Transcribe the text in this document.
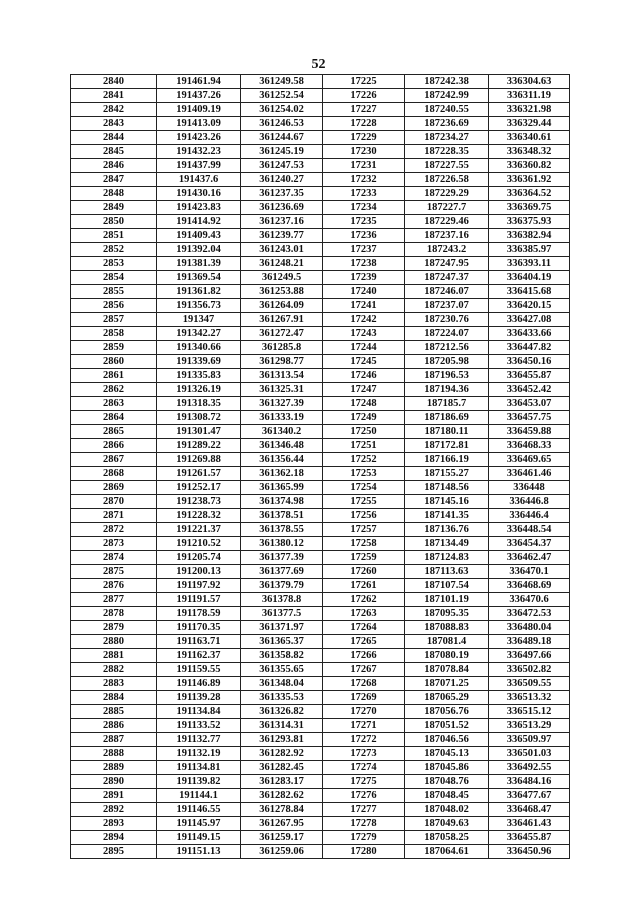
52
2840	191461.94	361249.58	17225	187242.38	336304.63
2841	191437.26	361252.54	17226	187242.99	336311.19
2842	191409.19	361254.02	17227	187240.55	336321.98
2843	191413.09	361246.53	17228	187236.69	336329.44
2844	191423.26	361244.67	17229	187234.27	336340.61
2845	191432.23	361245.19	17230	187228.35	336348.32
2846	191437.99	361247.53	17231	187227.55	336360.82
2847	191437.6	361240.27	17232	187226.58	336361.92
2848	191430.16	361237.35	17233	187229.29	336364.52
2849	191423.83	361236.69	17234	187227.7	336369.75
2850	191414.92	361237.16	17235	187229.46	336375.93
2851	191409.43	361239.77	17236	187237.16	336382.94
2852	191392.04	361243.01	17237	187243.2	336385.97
2853	191381.39	361248.21	17238	187247.95	336393.11
2854	191369.54	361249.5	17239	187247.37	336404.19
2855	191361.82	361253.88	17240	187246.07	336415.68
2856	191356.73	361264.09	17241	187237.07	336420.15
2857	191347	361267.91	17242	187230.76	336427.08
2858	191342.27	361272.47	17243	187224.07	336433.66
2859	191340.66	361285.8	17244	187212.56	336447.82
2860	191339.69	361298.77	17245	187205.98	336450.16
2861	191335.83	361313.54	17246	187196.53	336455.87
2862	191326.19	361325.31	17247	187194.36	336452.42
2863	191318.35	361327.39	17248	187185.7	336453.07
2864	191308.72	361333.19	17249	187186.69	336457.75
2865	191301.47	361340.2	17250	187180.11	336459.88
2866	191289.22	361346.48	17251	187172.81	336468.33
2867	191269.88	361356.44	17252	187166.19	336469.65
2868	191261.57	361362.18	17253	187155.27	336461.46
2869	191252.17	361365.99	17254	187148.56	336448
2870	191238.73	361374.98	17255	187145.16	336446.8
2871	191228.32	361378.51	17256	187141.35	336446.4
2872	191221.37	361378.55	17257	187136.76	336448.54
2873	191210.52	361380.12	17258	187134.49	336454.37
2874	191205.74	361377.39	17259	187124.83	336462.47
2875	191200.13	361377.69	17260	187113.63	336470.1
2876	191197.92	361379.79	17261	187107.54	336468.69
2877	191191.57	361378.8	17262	187101.19	336470.6
2878	191178.59	361377.5	17263	187095.35	336472.53
2879	191170.35	361371.97	17264	187088.83	336480.04
2880	191163.71	361365.37	17265	187081.4	336489.18
2881	191162.37	361358.82	17266	187080.19	336497.66
2882	191159.55	361355.65	17267	187078.84	336502.82
2883	191146.89	361348.04	17268	187071.25	336509.55
2884	191139.28	361335.53	17269	187065.29	336513.32
2885	191134.84	361326.82	17270	187056.76	336515.12
2886	191133.52	361314.31	17271	187051.52	336513.29
2887	191132.77	361293.81	17272	187046.56	336509.97
2888	191132.19	361282.92	17273	187045.13	336501.03
2889	191134.81	361282.45	17274	187045.86	336492.55
2890	191139.82	361283.17	17275	187048.76	336484.16
2891	191144.1	361282.62	17276	187048.45	336477.67
2892	191146.55	361278.84	17277	187048.02	336468.47
2893	191145.97	361267.95	17278	187049.63	336461.43
2894	191149.15	361259.17	17279	187058.25	336455.87
2895	191151.13	361259.06	17280	187064.61	336450.96
